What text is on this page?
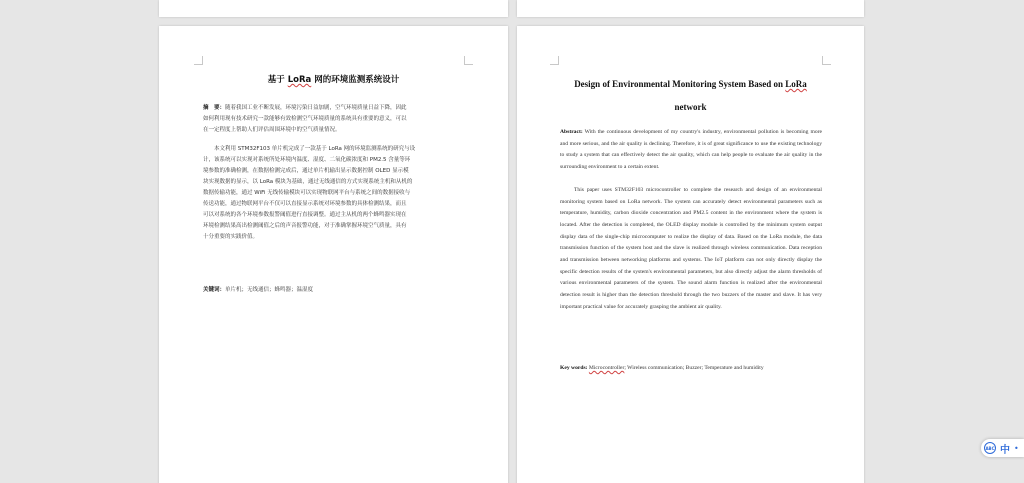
基于 LoRa 网的环境监测系统设计
摘　要：随着我国工业不断发展，环境污染日益加剧，空气环境质量日益下降，因此
如何利用现有技术研究一款能够有效检测空气环境质量的系统具有重要的意义，可以
在一定程度上帮助人们评估周围环境中的空气质量情况。
　　本文利用 STM32F103 单片机完成了一款基于 LoRa 网的环境监测系统的研究与设
计，该系统可以实现对系统所处环境内温度、湿度、二氧化碳浓度和 PM2.5 含量等环
境参数的准确检测，在数据检测完成后，通过单片机输出显示数据控制 OLED 显示模
块实现数据的显示，以 LoRa 模块为基础，通过无线通信的方式实现系统主机和从机的
数据传输功能，通过 WiFi 无线传输模块可以实现物联网平台与系统之间的数据接收与
传送功能，通过物联网平台不仅可以直接显示系统对环境参数的具体检测结果，而且
可以对系统的各个环境参数报警阈值进行直接调整。通过主从机的两个蜂鸣器实现在
环境检测结果高出检测阈值之后的声音报警功能，对于准确掌握环境空气质量，具有
十分重要的实践价值。
关键词：单片机；无线通信；蜂鸣器；温湿度
Design of Environmental Monitoring System Based on LoRa
network
Abstract: With the continuous development of my country's industry, environmental pollution is becoming more and more serious, and the air quality is declining. Therefore, it is of great significance to use the existing technology to study a system that can effectively detect the air quality, which can help people to evaluate the air quality in the surrounding environment to a certain extent.
This paper uses STM32F103 microcontroller to complete the research and design of an environmental monitoring system based on LoRa network. The system can accurately detect environmental parameters such as temperature, humidity, carbon dioxide concentration and PM2.5 content in the environment where the system is located. After the detection is completed, the OLED display module is controlled by the minimum system output display data of the single-chip microcomputer to realize the display of data. Based on the LoRa module, the data transmission function of the system host and the slave is realized through wireless communication. Data reception and transmission between networking platforms and systems. The IoT platform can not only directly display the specific detection results of the system's environmental parameters, but also directly adjust the alarm thresholds of various environmental parameters of the system. The sound alarm function is realized after the environmental detection result is higher than the detection threshold through the two buzzers of the master and slave. It has very important practical value for accurately grasping the ambient air quality.
Key words: Microcontroller; Wireless communication; Buzzer; Temperature and humidity
ABC 中 •
